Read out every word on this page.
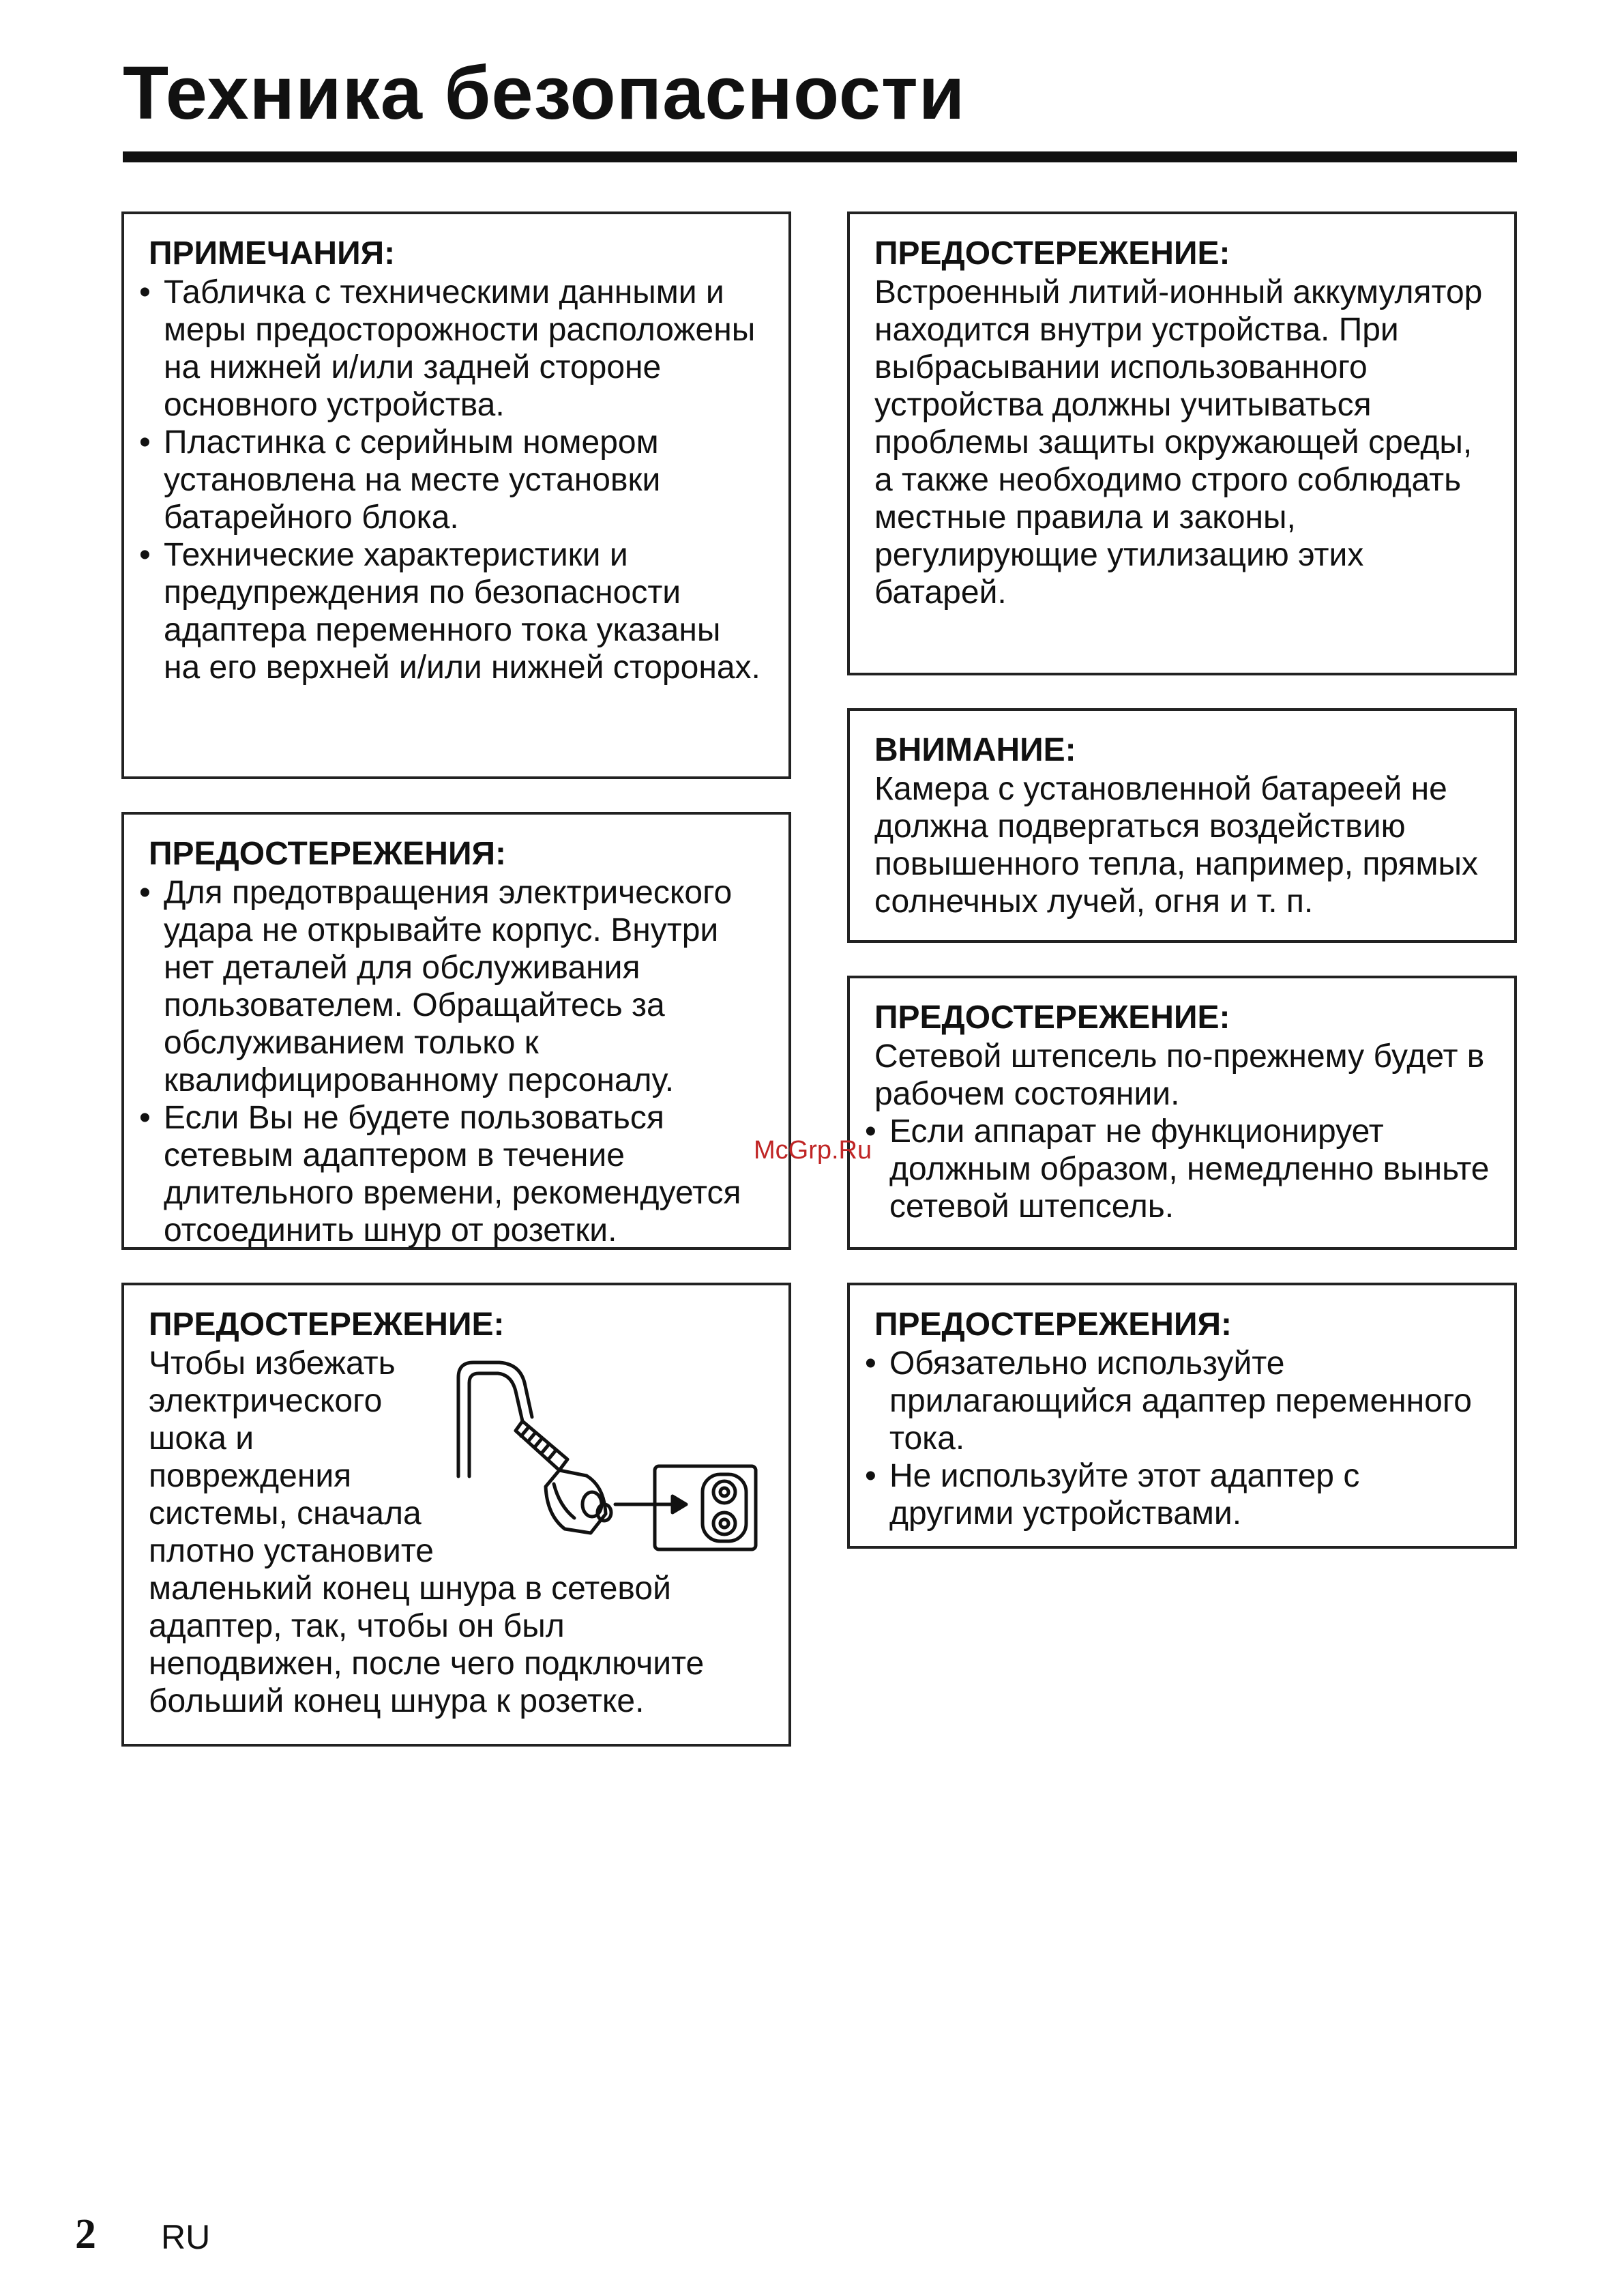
Техника безопасности
ПРИМЕЧАНИЯ:
• Табличка с техническими данными и меры предосторожности расположены на нижней и/или задней стороне основного устройства.
• Пластинка с серийным номером установлена на месте установки батарейного блока.
• Технические характеристики и предупреждения по безопасности адаптера переменного тока указаны на его верхней и/или нижней сторонах.
ПРЕДОСТЕРЕЖЕНИЯ:
• Для предотвращения электрического удара не открывайте корпус. Внутри нет деталей для обслуживания пользователем. Обращайтесь за обслуживанием только к квалифицированному персоналу.
• Если Вы не будете пользоваться сетевым адаптером в течение длительного времени, рекомендуется отсоединить шнур от розетки.
ПРЕДОСТЕРЕЖЕНИЕ:

Чтобы избежать электрического шока и повреждения системы, сначала плотно установите маленький конец шнура в сетевой адаптер, так, чтобы он был неподвижен, после чего подключите больший конец шнура к розетке.

ПРЕДОСТЕРЕЖЕНИЕ:

Встроенный литий-ионный аккумулятор находится внутри устройства. При выбрасывании использованного устройства должны учитываться проблемы защиты окружающей среды, а также необходимо строго соблюдать местные правила и законы, регулирующие утилизацию этих батарей.

ВНИМАНИЕ:

Камера с установленной батареей не должна подвергаться воздействию повышенного тепла, например, прямых солнечных лучей, огня и т. п.

ПРЕДОСТЕРЕЖЕНИЕ:

Сетевой штепсель по-прежнему будет в рабочем состоянии.

• Если аппарат не функционирует должным образом, немедленно выньте сетевой штепсель.
ПРЕДОСТЕРЕЖЕНИЯ:
• Обязательно используйте прилагающийся адаптер переменного тока.
• Не используйте этот адаптер с другими устройствами.
McGrp.Ru
2 RU
